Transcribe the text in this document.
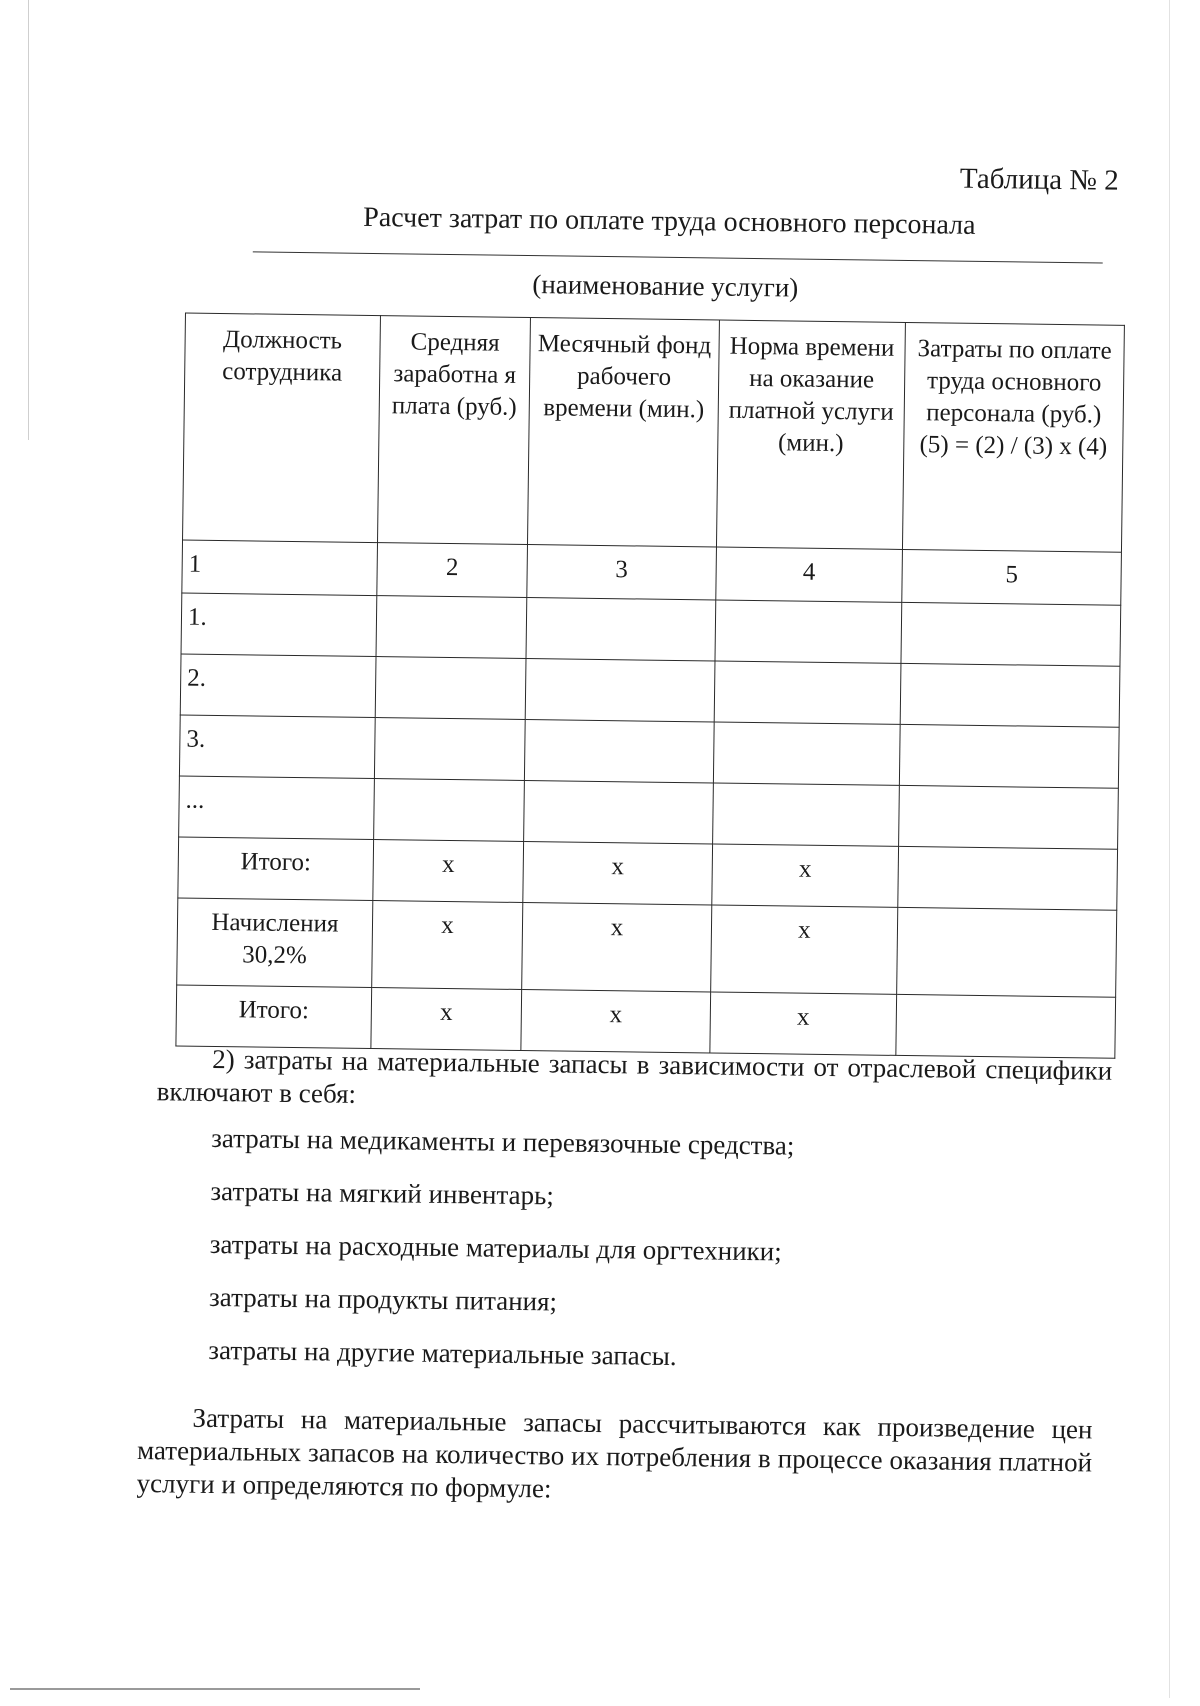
Таблица № 2
Расчет затрат по оплате труда основного персонала
(наименование услуги)
Должность сотрудника	Средняя заработна я плата (руб.)	Месячный фонд рабочего времени (мин.)	Норма времени на оказание платной услуги (мин.)	Затраты по оплате труда основного персонала (руб.) (5) = (2) / (3) x (4)
1	2	3	4	5
1.				
2.				
3.				
...				
Итого:	x	x	x	
Начисления 30,2%	x	x	x	
Итого:	x	x	x	
2) затраты на материальные запасы в зависимости от отраслевой специфики включают в себя:
затраты на медикаменты и перевязочные средства;
затраты на мягкий инвентарь;
затраты на расходные материалы для оргтехники;
затраты на продукты питания;
затраты на другие материальные запасы.
Затраты на материальные запасы рассчитываются как произведение цен материальных запасов на количество их потребления в процессе оказания платной услуги и определяются по формуле:
